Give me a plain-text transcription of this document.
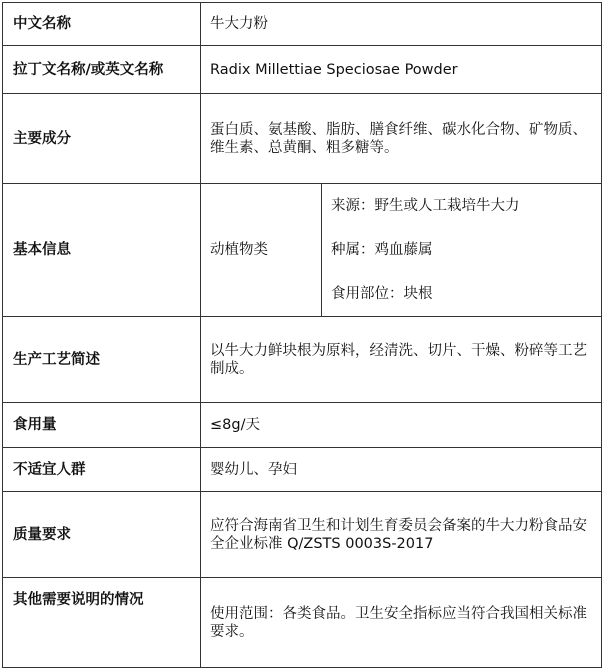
中文名称	牛大力粉	
拉丁文名称/或英文名称	Radix Millettiae Speciosae Powder	
主要成分	蛋白质、氨基酸、脂肪、膳食纤维、碳水化合物、矿物质、维生素、总黄酮、粗多糖等。	
基本信息	动植物类	来源：野生或人工栽培牛大力
种属：鸡血藤属
食用部位：块根

生产工艺简述	以牛大力鲜块根为原料，经清洗、切片、干燥、粉碎等工艺制成。	
食用量	≤8g/天	
不适宜人群	婴幼儿、孕妇	
质量要求	应符合海南省卫生和计划生育委员会备案的牛大力粉食品安全企业标准 Q/ZSTS 0003S-2017	
其他需要说明的情况	使用范围：各类食品。卫生安全指标应当符合我国相关标准要求。	
